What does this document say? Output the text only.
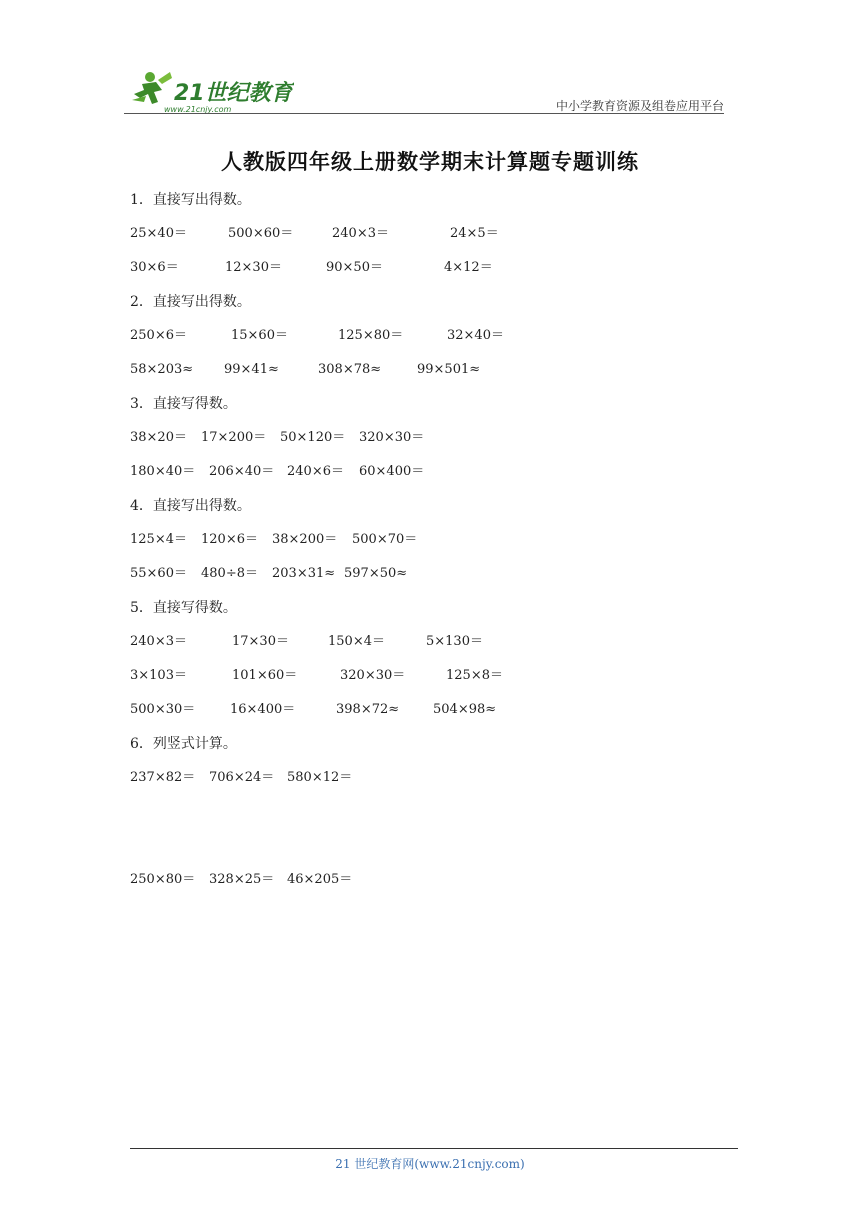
21世纪教育
www.21cnjy.com	中小学教育资源及组卷应用平台
人教版四年级上册数学期末计算题专题训练
1．直接写出得数。
25×40＝	500×60＝	240×3＝	24×5＝
30×6＝	12×30＝	90×50＝	4×12＝
2．直接写出得数。
250×6＝	15×60＝	125×80＝	32×40＝
58×203≈ 99×41≈	308×78≈	99×501≈
3．直接写得数。
38×20＝ 17×200＝ 50×120＝ 320×30＝
180×40＝ 206×40＝ 240×6＝ 60×400＝
4．直接写出得数。
125×4＝ 120×6＝ 38×200＝ 500×70＝
55×60＝ 480÷8＝ 203×31≈ 597×50≈
5．直接写得数。
240×3＝	17×30＝	150×4＝	5×130＝
3×103＝	101×60＝	320×30＝	125×8＝
500×30＝	16×400＝	398×72≈	504×98≈
6．列竖式计算。
237×82＝ 706×24＝ 580×12＝
250×80＝ 328×25＝ 46×205＝
21 世纪教育网(www.21cnjy.com)
